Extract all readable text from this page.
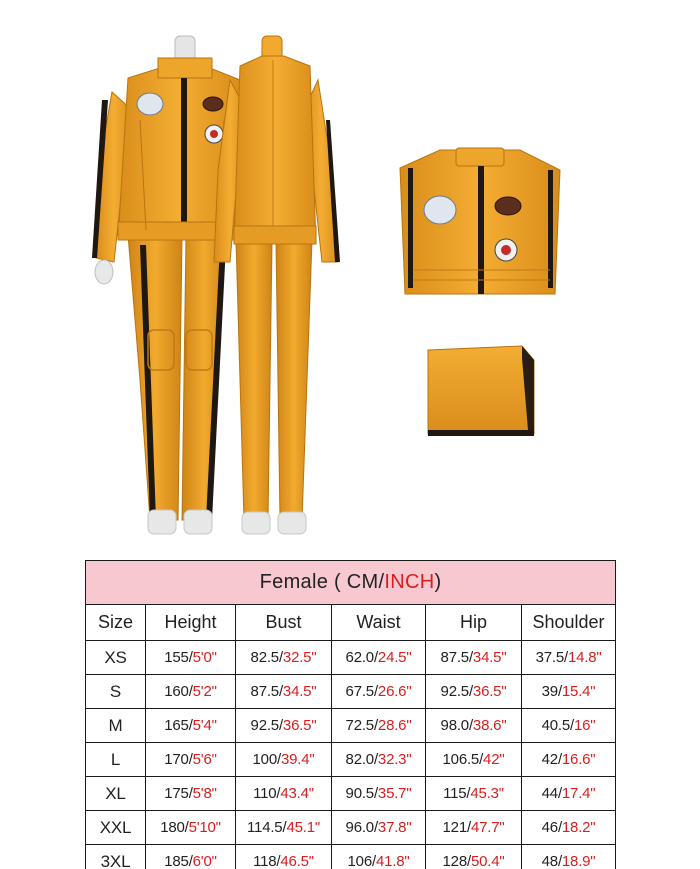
Female ( CM/INCH)					
Size	Height	Bust	Waist	Hip	Shoulder
XS	155/5'0"	82.5/32.5"	62.0/24.5"	87.5/34.5"	37.5/14.8"
S	160/5'2"	87.5/34.5"	67.5/26.6"	92.5/36.5"	39/15.4"
M	165/5'4"	92.5/36.5"	72.5/28.6"	98.0/38.6"	40.5/16"
L	170/5'6"	100/39.4"	82.0/32.3"	106.5/42"	42/16.6"
XL	175/5'8"	110/43.4"	90.5/35.7"	115/45.3"	44/17.4"
XXL	180/5'10"	114.5/45.1"	96.0/37.8"	121/47.7"	46/18.2"
3XL	185/6'0"	118/46.5"	106/41.8"	128/50.4"	48/18.9"
